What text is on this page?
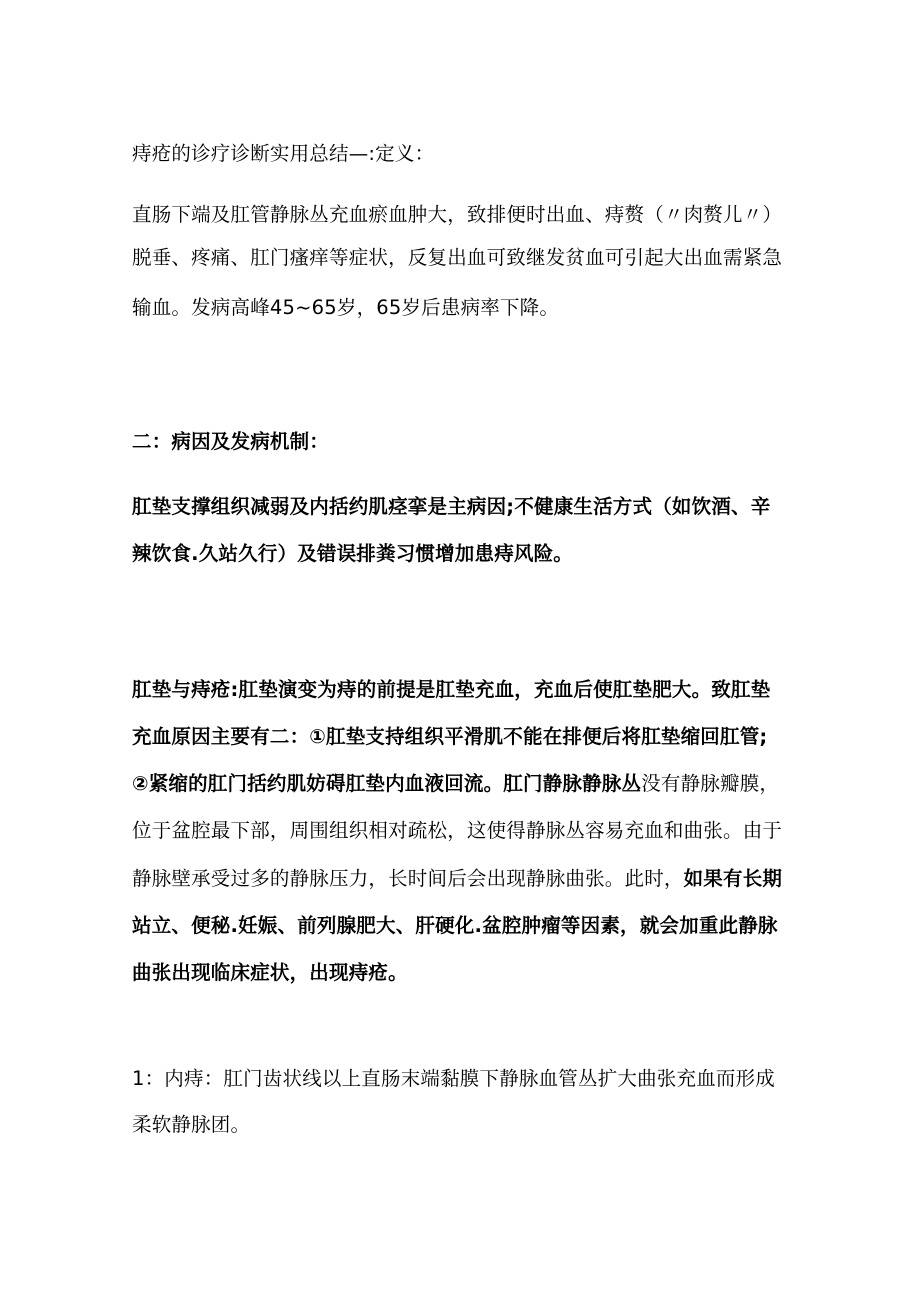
痔疮的诊疗诊断实用总结—:定义：
直肠下端及肛管静脉丛充血瘀血肿大，致排便时出血、痔赘（〃肉赘儿〃）
脱垂、疼痛、肛门瘙痒等症状，反复出血可致继发贫血可引起大出血需紧急
输血。发病高峰45~65岁，65岁后患病率下降。
二：病因及发病机制：
肛垫支撑组织减弱及内括约肌痉挛是主病因;不健康生活方式（如饮酒、辛
辣饮食.久站久行）及错误排粪习惯增加患痔风险。
肛垫与痔疮:肛垫演变为痔的前提是肛垫充血，充血后使肛垫肥大。致肛垫
充血原因主要有二：①肛垫支持组织平滑肌不能在排便后将肛垫缩回肛管;
②紧缩的肛门括约肌妨碍肛垫内血液回流。肛门静脉静脉丛没有静脉瓣膜，
位于盆腔最下部，周围组织相对疏松，这使得静脉丛容易充血和曲张。由于
静脉壁承受过多的静脉压力，长时间后会出现静脉曲张。此时，如果有长期
站立、便秘.妊娠、前列腺肥大、肝硬化.盆腔肿瘤等因素，就会加重此静脉
曲张出现临床症状，出现痔疮。
1：内痔：肛门齿状线以上直肠末端黏膜下静脉血管丛扩大曲张充血而形成
柔软静脉团。
